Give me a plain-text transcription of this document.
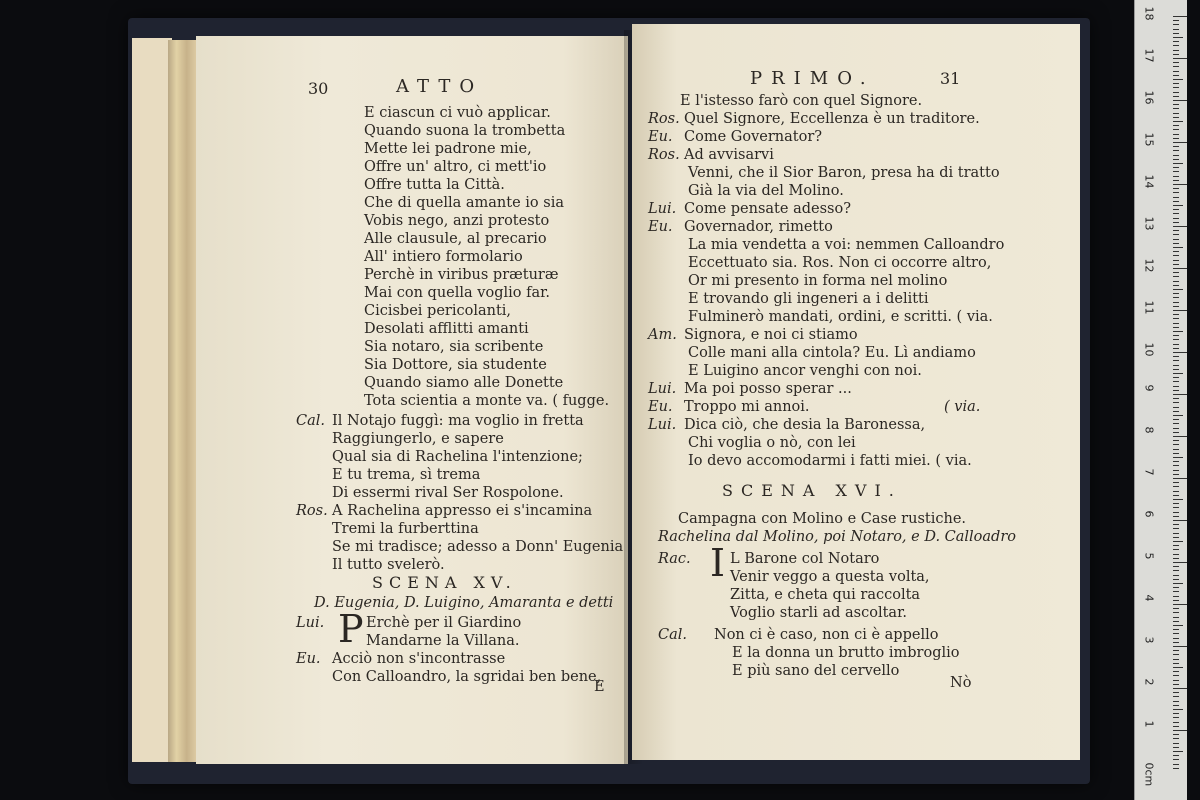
30	ATTO
E ciascun ci vuò applicar.
Quando suona la trombetta
Mette lei padrone mie,
Offre un' altro, ci mett'io
Offre tutta la Città.
Che di quella amante io sia
Vobis nego, anzi protesto
Alle clausule, al precario
All' intiero formolario
Perchè in viribus præturæ
Mai con quella voglio far.
Cicisbei pericolanti,
Desolati afflitti amanti
Sia notaro, sia scribente
Sia Dottore, sia studente
Quando siamo alle Donette
Tota scientia a monte va. ( fugge.
Cal. Il Notajo fuggì: ma voglio in fretta
Raggiungerlo, e sapere
Qual sia di Rachelina l'intenzione;
E tu trema, sì trema
Di essermi rival Ser Rospolone.
Ros. A Rachelina appresso ei s'incamina
Tremi la furberttina
Se mi tradisce; adesso a Donn' Eugenia
Il tutto svelerò.
SCENA XV.
D. Eugenia, D. Luigino, Amaranta e detti
Lui. P Erchè per il Giardino
Mandarne la Villana.
Eu. Acciò non s'incontrasse
Con Calloandro, la sgridai ben bene,
E
PRIMO.	31
E l'istesso farò con quel Signore.
Ros. Quel Signore, Eccellenza è un traditore.
Eu. Come Governator?
Ros. Ad avvisarvi
Venni, che il Sior Baron, presa ha di tratto
Già la via del Molino.
Lui. Come pensate adesso?
Eu. Governador, rimetto
La mia vendetta a voi: nemmen Calloandro
Eccettuato sia. Ros. Non ci occorre altro,
Or mi presento in forma nel molino
E trovando gli ingeneri a i delitti
Fulminerò mandati, ordini, e scritti. ( via.
Am. Signora, e noi ci stiamo
Colle mani alla cintola? Eu. Lì andiamo
E Luigino ancor venghi con noi.
Lui. Ma poi posso sperar ...
Eu. Troppo mi annoi.	( via.
Lui. Dica ciò, che desia la Baronessa,
Chi voglia o nò, con lei
Io devo accomodarmi i fatti miei. ( via.
SCENA XVI.
Campagna con Molino e Case rustiche.
Rachelina dal Molino, poi Notaro, e D. Calloadro
Rac. I L Barone col Notaro
Venir veggo a questa volta,
Zitta, e cheta qui raccolta
Voglio starli ad ascoltar.
Cal. Non ci è caso, non ci è appello
E la donna un brutto imbroglio
E più sano del cervello
Nò
18
17
16
15
14
13
12
11
10
9
8
7
6
5
4
3
2
1
0cm
